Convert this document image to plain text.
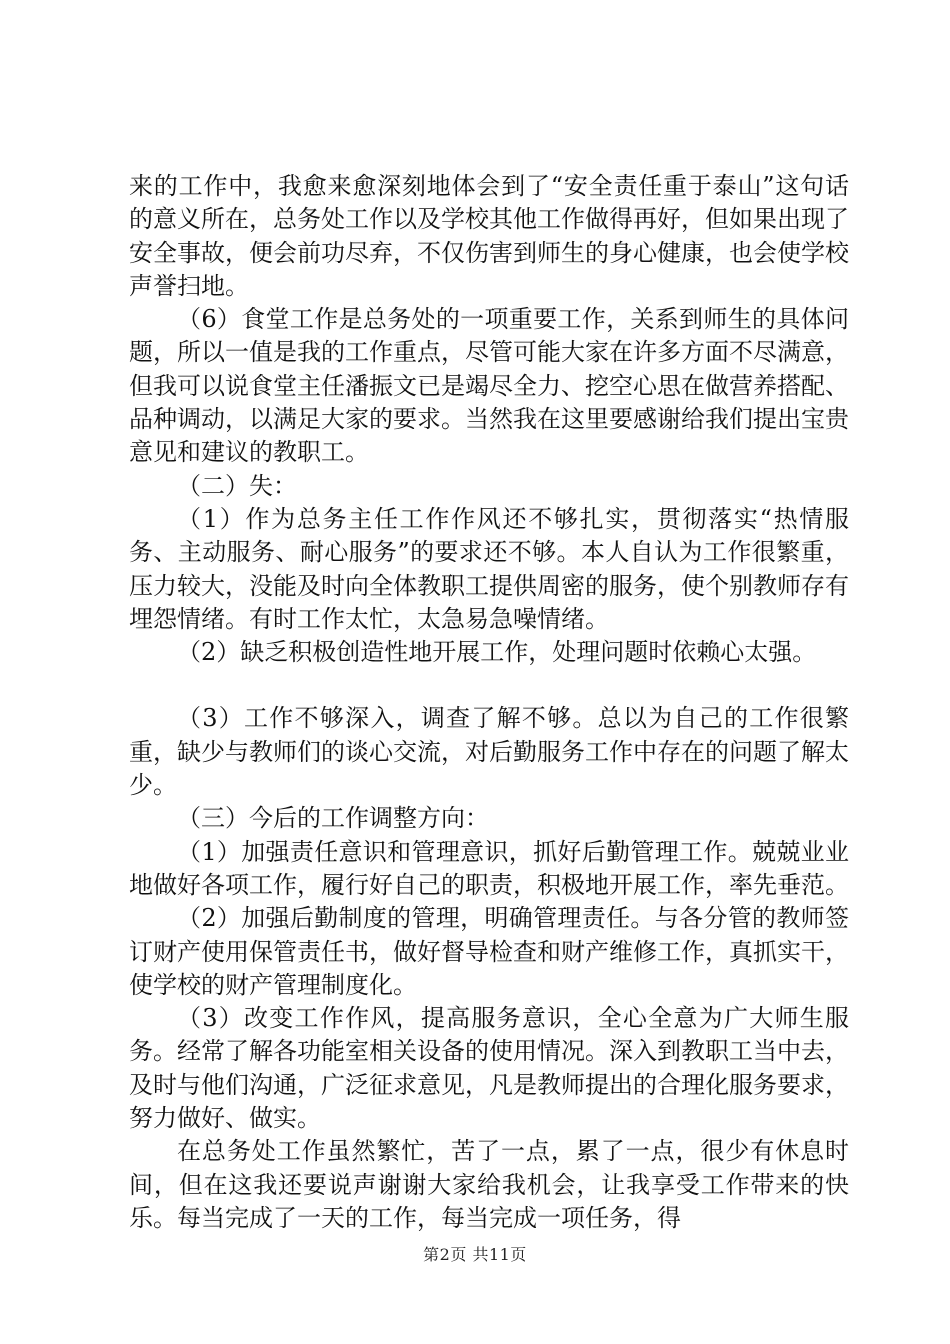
来的工作中，我愈来愈深刻地体会到了“安全责任重于泰山”这句话的意义所在，总务处工作以及学校其他工作做得再好，但如果出现了安全事故，便会前功尽弃，不仅伤害到师生的身心健康，也会使学校声誉扫地。

（6）食堂工作是总务处的一项重要工作，关系到师生的具体问题，所以一值是我的工作重点，尽管可能大家在许多方面不尽满意，但我可以说食堂主任潘振文已是竭尽全力、挖空心思在做营养搭配、品种调动，以满足大家的要求。当然我在这里要感谢给我们提出宝贵意见和建议的教职工。

（二）失：

（1）作为总务主任工作作风还不够扎实，贯彻落实“热情服务、主动服务、耐心服务”的要求还不够。本人自认为工作很繁重，压力较大，没能及时向全体教职工提供周密的服务，使个别教师存有埋怨情绪。有时工作太忙，太急易急噪情绪。

（2）缺乏积极创造性地开展工作，处理问题时依赖心太强。

（3）工作不够深入，调查了解不够。总以为自己的工作很繁重，缺少与教师们的谈心交流，对后勤服务工作中存在的问题了解太少。

（三）今后的工作调整方向：

（1）加强责任意识和管理意识，抓好后勤管理工作。兢兢业业地做好各项工作，履行好自己的职责，积极地开展工作，率先垂范。

（2）加强后勤制度的管理，明确管理责任。与各分管的教师签订财产使用保管责任书，做好督导检查和财产维修工作，真抓实干，使学校的财产管理制度化。

（3）改变工作作风，提高服务意识，全心全意为广大师生服务。经常了解各功能室相关设备的使用情况。深入到教职工当中去，及时与他们沟通，广泛征求意见，凡是教师提出的合理化服务要求，努力做好、做实。

在总务处工作虽然繁忙，苦了一点，累了一点，很少有休息时间，但在这我还要说声谢谢大家给我机会，让我享受工作带来的快乐。每当完成了一天的工作，每当完成一项任务，得

第2页 共11页
